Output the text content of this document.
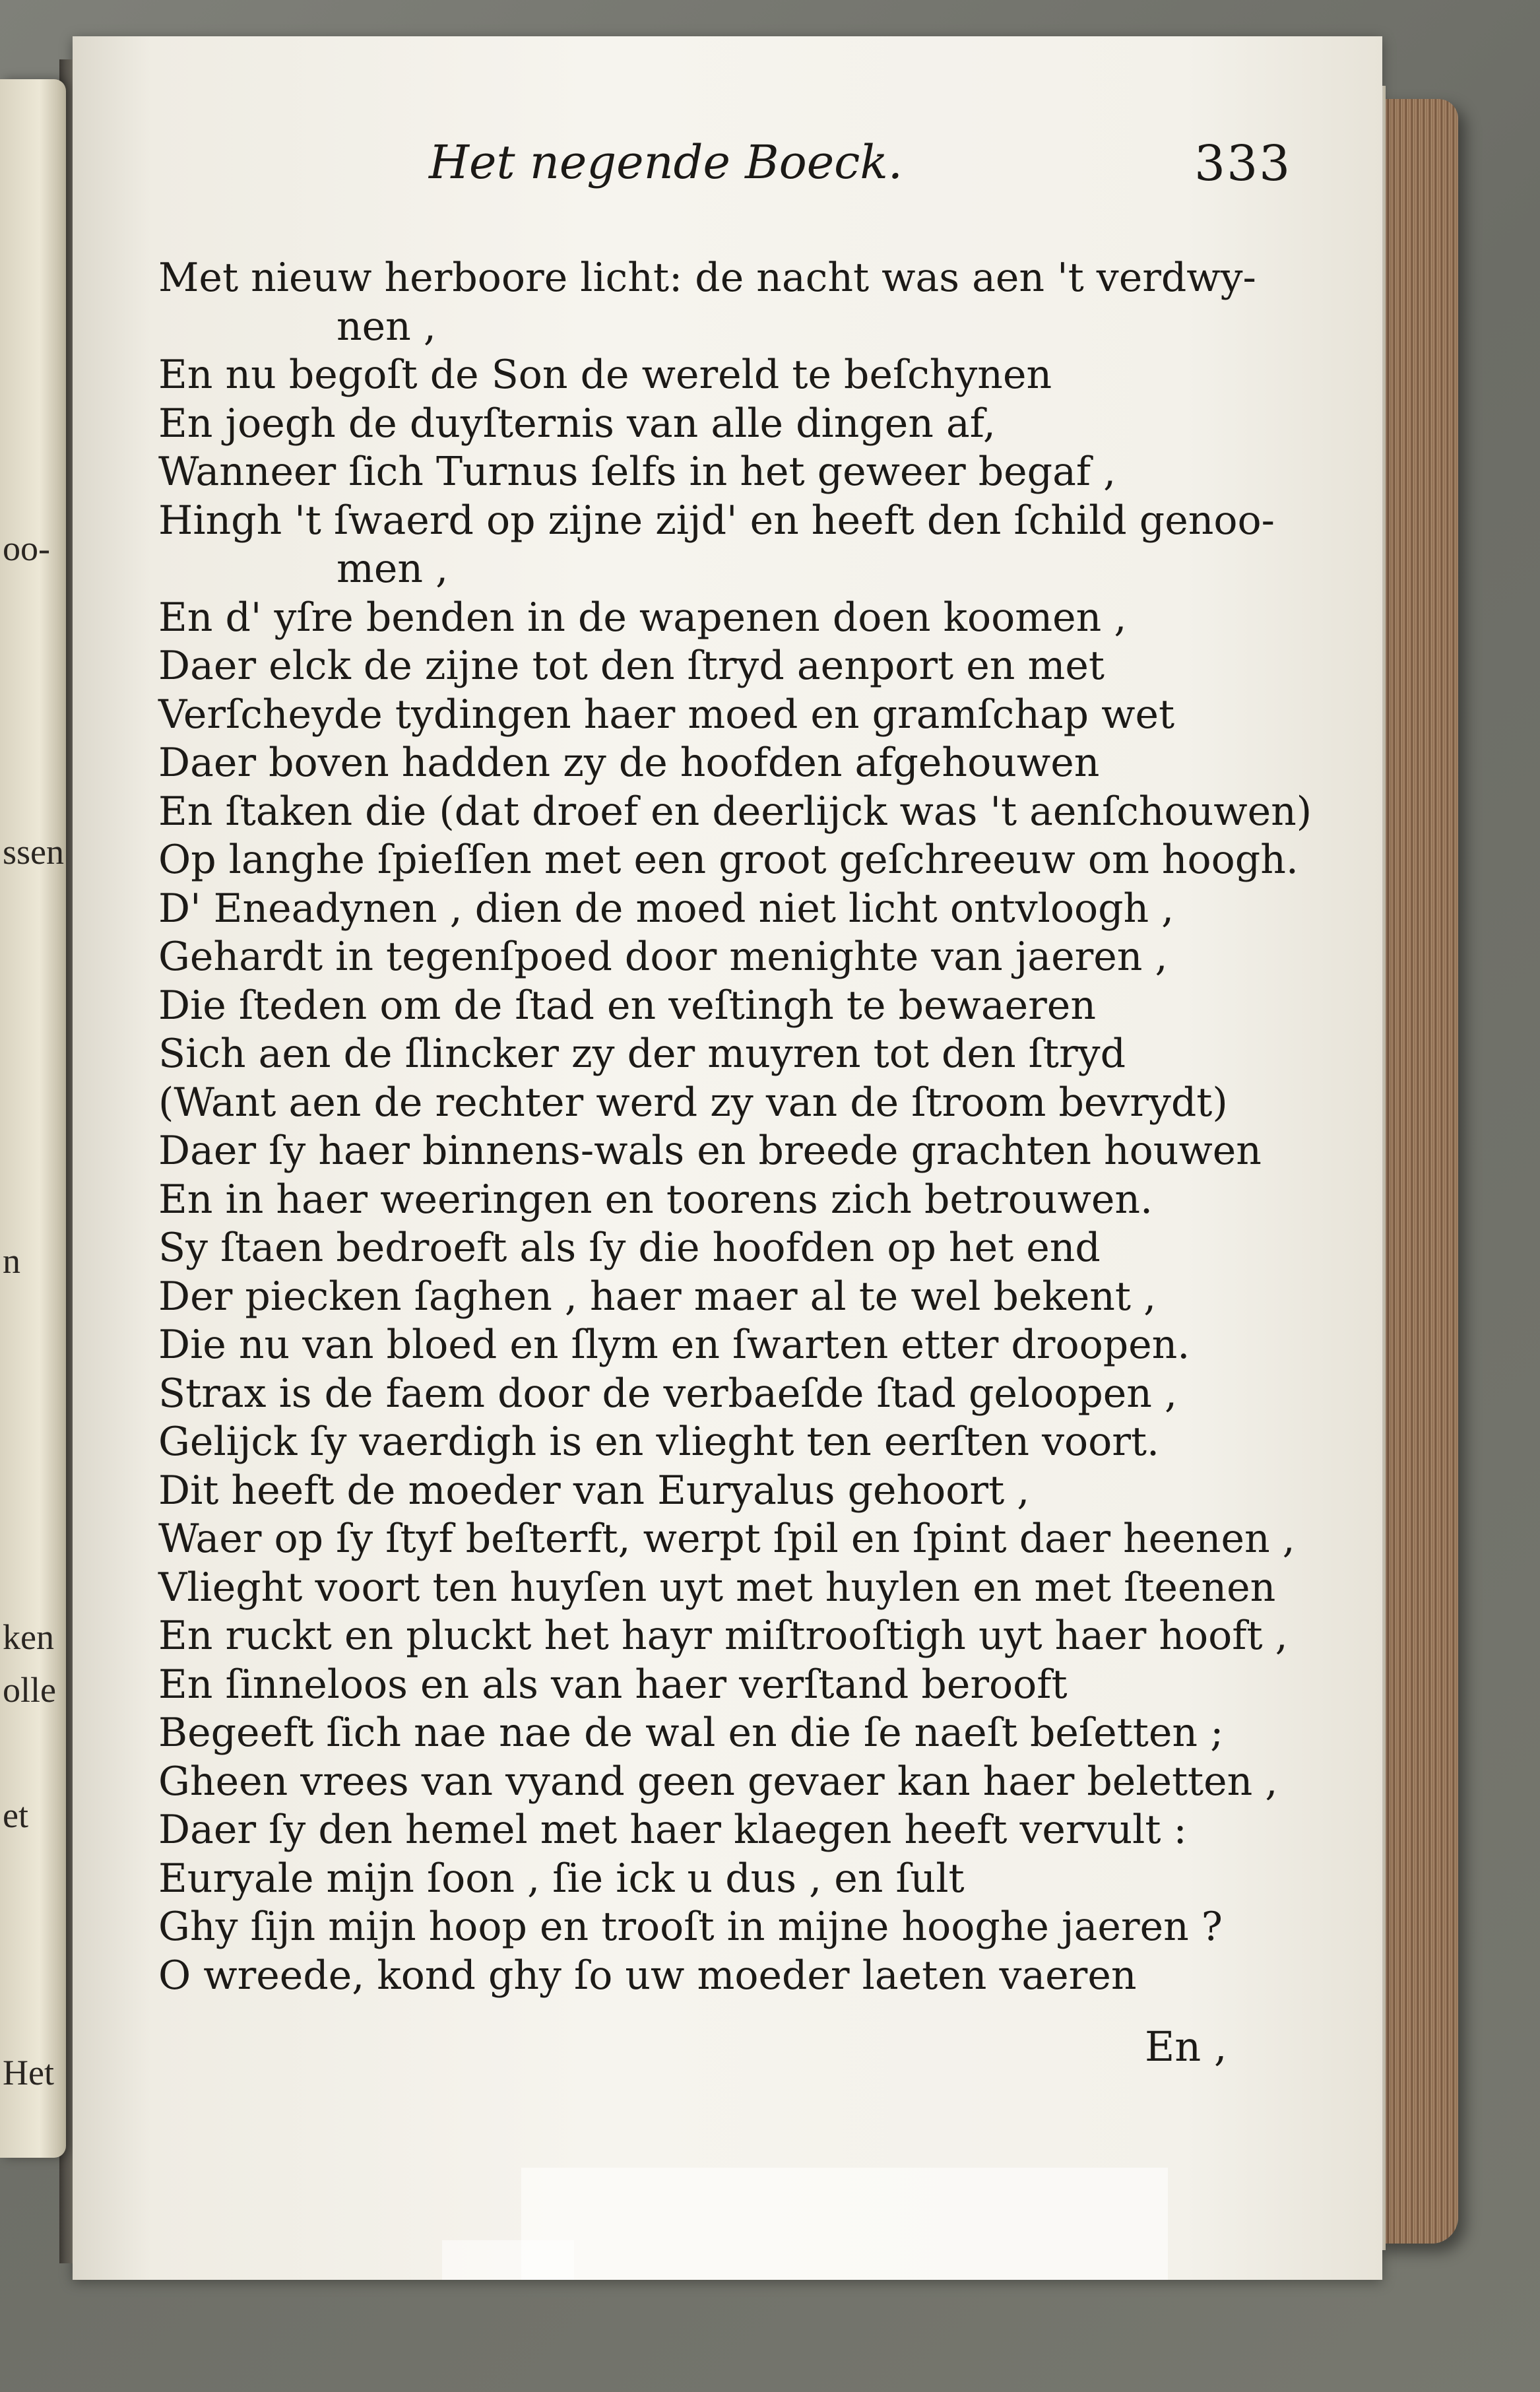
oo-
ssen
n
ken
olle
et
Het
Het negende Boeck.	333
Met nieuw herboore licht: de nacht was aen 't verdwy-
nen ,
En nu begoſt de Son de wereld te beſchynen
En joegh de duyſternis van alle dingen af,
Wanneer ſich Turnus ſelfs in het geweer begaf ,
Hingh 't ſwaerd op zijne zijd' en heeft den ſchild genoo-
men ,
En d' yſre benden in de wapenen doen koomen ,
Daer elck de zijne tot den ſtryd aenport en met
Verſcheyde tydingen haer moed en gramſchap wet
Daer boven hadden zy de hoofden afgehouwen
En ſtaken die (dat droef en deerlijck was 't aenſchouwen)
Op langhe ſpieſſen met een groot geſchreeuw om hoogh.
D' Eneadynen , dien de moed niet licht ontvloogh ,
Gehardt in tegenſpoed door menighte van jaeren ,
Die ſteden om de ſtad en veſtingh te bewaeren
Sich aen de ſlincker zy der muyren tot den ſtryd
(Want aen de rechter werd zy van de ſtroom bevrydt)
Daer ſy haer binnens-wals en breede grachten houwen
En in haer weeringen en toorens zich betrouwen.
Sy ſtaen bedroeft als ſy die hoofden op het end
Der piecken ſaghen , haer maer al te wel bekent ,
Die nu van bloed en ſlym en ſwarten etter droopen.
Strax is de faem door de verbaeſde ſtad geloopen ,
Gelijck ſy vaerdigh is en vlieght ten eerſten voort.
Dit heeft de moeder van Euryalus gehoort ,
Waer op ſy ſtyf beſterft, werpt ſpil en ſpint daer heenen ,
Vlieght voort ten huyſen uyt met huylen en met ſteenen
En ruckt en pluckt het hayr miſtrooſtigh uyt haer hooft ,
En ſinneloos en als van haer verſtand berooft
Begeeft ſich nae nae de wal en die ſe naeſt beſetten ;
Gheen vrees van vyand geen gevaer kan haer beletten ,
Daer ſy den hemel met haer klaegen heeft vervult :
Euryale mijn ſoon , ſie ick u dus , en ſult
Ghy ſijn mijn hoop en trooſt in mijne hooghe jaeren ?
O wreede, kond ghy ſo uw moeder laeten vaeren
En ,
